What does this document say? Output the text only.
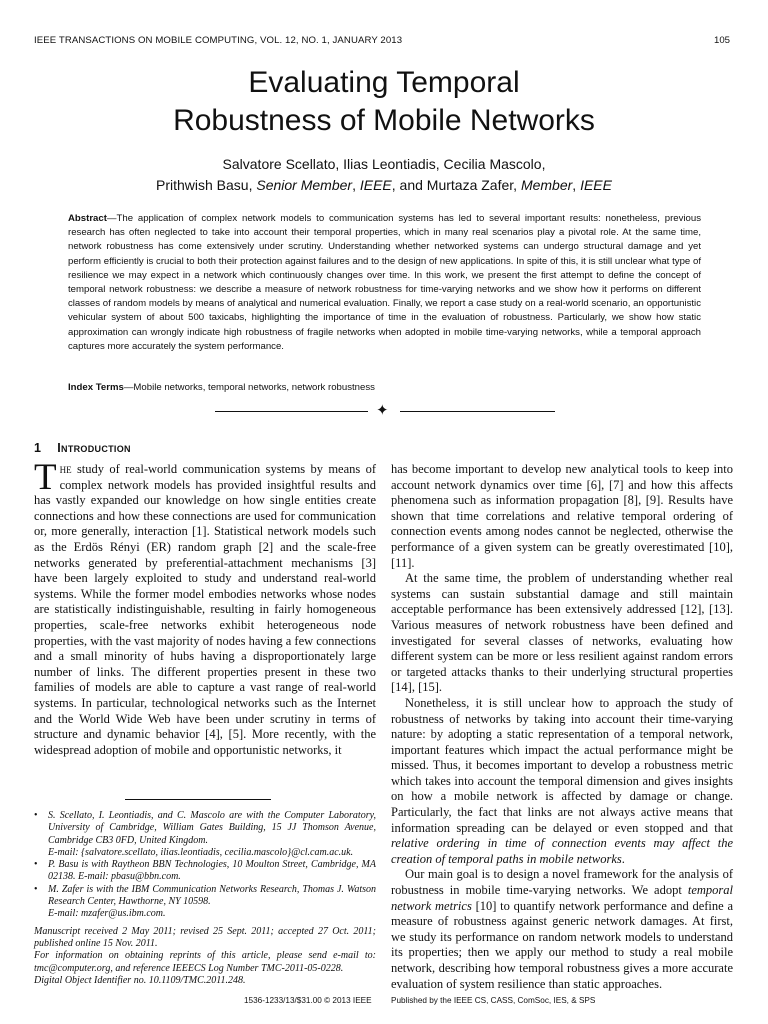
IEEE TRANSACTIONS ON MOBILE COMPUTING, VOL. 12, NO. 1, JANUARY 2013	105
Evaluating Temporal
Robustness of Mobile Networks
Salvatore Scellato, Ilias Leontiadis, Cecilia Mascolo,
Prithwish Basu, Senior Member, IEEE, and Murtaza Zafer, Member, IEEE
Abstract—The application of complex network models to communication systems has led to several important results: nonetheless, previous research has often neglected to take into account their temporal properties, which in many real scenarios play a pivotal role. At the same time, network robustness has come extensively under scrutiny. Understanding whether networked systems can undergo structural damage and yet perform efficiently is crucial to both their protection against failures and to the design of new applications. In spite of this, it is still unclear what type of resilience we may expect in a network which continuously changes over time. In this work, we present the first attempt to define the concept of temporal network robustness: we describe a measure of network robustness for time-varying networks and we show how it performs on different classes of random models by means of analytical and numerical evaluation. Finally, we report a case study on a real-world scenario, an opportunistic vehicular system of about 500 taxicabs, highlighting the importance of time in the evaluation of robustness. Particularly, we show how static approximation can wrongly indicate high robustness of fragile networks when adopted in mobile time-varying networks, while a temporal approach captures more accurately the system performance.
Index Terms—Mobile networks, temporal networks, network robustness
✦
1 Introduction

The study of real-world communication systems by means of complex network models has provided insightful results and has vastly expanded our knowledge on how single entities create connections and how these connections are used for communication or, more generally, interaction [1]. Statistical network models such as the Erdös Rényi (ER) random graph [2] and the scale-free networks generated by preferential-attachment mechanisms [3] have been largely exploited to study and understand real-world systems. While the former model embodies networks whose nodes are statistically indistinguishable, resulting in fairly homogeneous properties, scale-free networks exhibit heterogeneous node properties, with the vast majority of nodes having a few connections and a small minority of hubs having a disproportionately large number of links. The different properties present in these two families of models are able to capture a vast range of real-world systems. In particular, technological networks such as the Internet and the World Wide Web have been under scrutiny in terms of structure and dynamic behavior [4], [5]. More recently, with the widespread adoption of mobile and opportunistic networks, it

has become important to develop new analytical tools to keep into account network dynamics over time [6], [7] and how this affects phenomena such as information propagation [8], [9]. Results have shown that time correlations and relative temporal ordering of connection events among nodes cannot be neglected, otherwise the performance of a given system can be greatly overestimated [10], [11].

At the same time, the problem of understanding whether real systems can sustain substantial damage and still maintain acceptable performance has been extensively addressed [12], [13]. Various measures of network robustness have been defined and investigated for several classes of networks, evaluating how different system can be more or less resilient against random errors or targeted attacks thanks to their underlying structural properties [14], [15].

Nonetheless, it is still unclear how to approach the study of robustness of networks by taking into account their time-varying nature: by adopting a static representation of a temporal network, important features which impact the actual performance might be missed. Thus, it becomes important to develop a robustness metric which takes into account the temporal dimension and gives insights on how a mobile network is affected by damage or change. Particularly, the fact that links are not always active means that information spreading can be delayed or even stopped and that relative ordering in time of connection events may affect the creation of temporal paths in mobile networks.

Our main goal is to design a novel framework for the analysis of robustness in mobile time-varying networks. We adopt temporal network metrics [10] to quantify network performance and define a measure of robustness against generic network damages. At first, we study its performance on random network models to understand its properties; then we apply our method to study a real mobile network, describing how temporal robustness gives a more accurate evaluation of system resilience than static approaches.

• S. Scellato, I. Leontiadis, and C. Mascolo are with the Computer Laboratory, University of Cambridge, William Gates Building, 15 JJ Thomson Avenue, Cambridge CB3 0FD, United Kingdom.
E-mail: {salvatore.scellato, ilias.leontiadis, cecilia.mascolo}@cl.cam.ac.uk.
• P. Basu is with Raytheon BBN Technologies, 10 Moulton Street, Cambridge, MA 02138. E-mail: pbasu@bbn.com.
• M. Zafer is with the IBM Communication Networks Research, Thomas J. Watson Research Center, Hawthorne, NY 10598.
E-mail: mzafer@us.ibm.com.
Manuscript received 2 May 2011; revised 25 Sept. 2011; accepted 27 Oct. 2011; published online 15 Nov. 2011.
For information on obtaining reprints of this article, please send e-mail to: tmc@computer.org, and reference IEEECS Log Number TMC-2011-05-0228.
Digital Object Identifier no. 10.1109/TMC.2011.248.
1536-1233/13/$31.00 © 2013 IEEE Published by the IEEE CS, CASS, ComSoc, IES, & SPS
